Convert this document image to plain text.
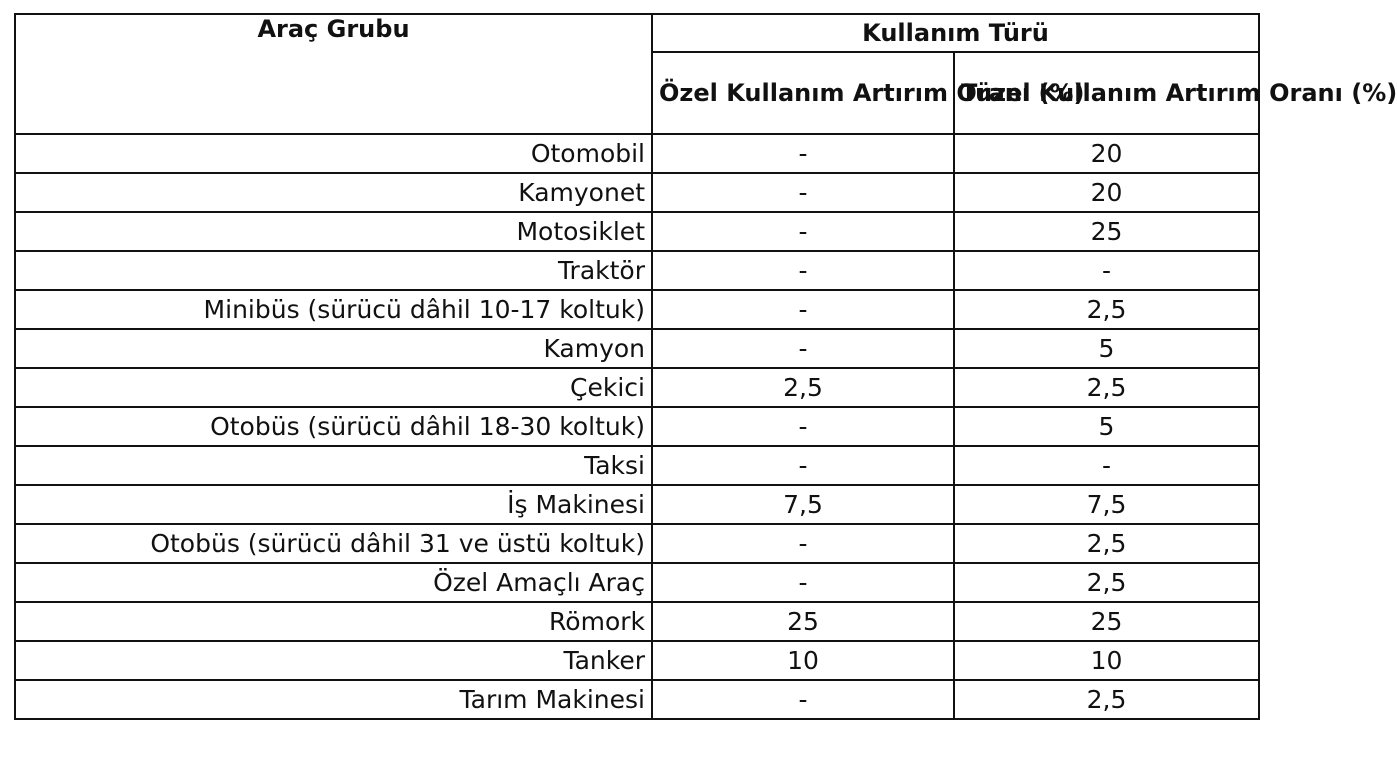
Araç Grubu	Kullanım Türü	
	Özel Kullanım Artırım Oranı (%)	Tüzel Kullanım Artırım Oranı (%)
Otomobil	-	20
Kamyonet	-	20
Motosiklet	-	25
Traktör	-	-
Minibüs (sürücü dâhil 10-17 koltuk)	-	2,5
Kamyon	-	5
Çekici	2,5	2,5
Otobüs (sürücü dâhil 18-30 koltuk)	-	5
Taksi	-	-
İş Makinesi	7,5	7,5
Otobüs (sürücü dâhil 31 ve üstü koltuk)	-	2,5
Özel Amaçlı Araç	-	2,5
Römork	25	25
Tanker	10	10
Tarım Makinesi	-	2,5
